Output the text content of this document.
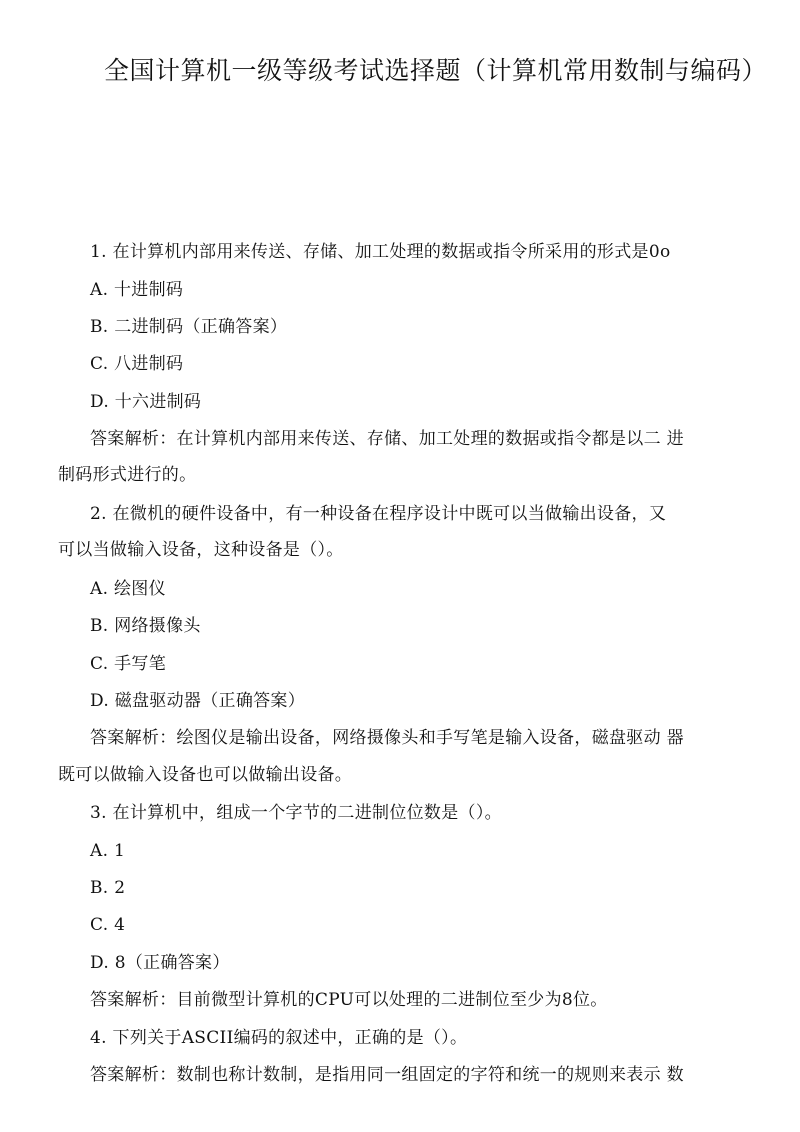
全国计算机一级等级考试选择题（计算机常用数制与编码）
1. 在计算机内部用来传送、存储、加工处理的数据或指令所采用的形式是0o
A. 十进制码
B. 二进制码（正确答案）
C. 八进制码
D. 十六进制码
答案解析：在计算机内部用来传送、存储、加工处理的数据或指令都是以二 进
制码形式进行的。
2. 在微机的硬件设备中，有一种设备在程序设计中既可以当做输出设备，又
可以当做输入设备，这种设备是（）。
A. 绘图仪
B. 网络摄像头
C. 手写笔
D. 磁盘驱动器（正确答案）
答案解析：绘图仪是输出设备，网络摄像头和手写笔是输入设备，磁盘驱动 器
既可以做输入设备也可以做输出设备。
3. 在计算机中，组成一个字节的二进制位位数是（）。
A. 1
B. 2
C. 4
D. 8（正确答案）
答案解析：目前微型计算机的CPU可以处理的二进制位至少为8位。
4. 下列关于ASCII编码的叙述中，正确的是（）。
答案解析：数制也称计数制，是指用同一组固定的字符和统一的规则来表示 数
